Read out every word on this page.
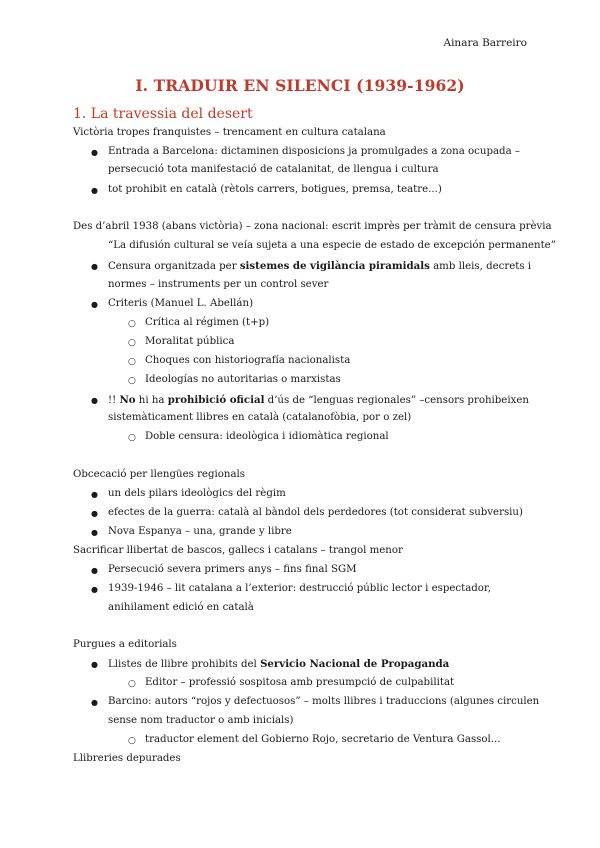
Ainara Barreiro
I. TRADUIR EN SILENCI (1939-1962)
1. La travessia del desert
Victòria tropes franquistes – trencament en cultura catalana
● Entrada a Barcelona: dictaminen disposicions ja promulgades a zona ocupada –
persecució tota manifestació de catalanitat, de llengua i cultura
● tot prohibit en català (rètols carrers, botigues, premsa, teatre...)
Des d’abril 1938 (abans victòria) – zona nacional: escrit imprès per tràmit de censura prèvia
“La difusión cultural se veía sujeta a una especie de estado de excepción permanente”
● Censura organitzada per sistemes de vigilància piramidals amb lleis, decrets i
normes – instruments per un control sever
● Criteris (Manuel L. Abellán)
○ Crítica al régimen (t+p)
○ Moralitat pública
○ Choques con historiografía nacionalista
○ Ideologías no autoritarias o marxistas
● !! No hi ha prohibició oficial d’ús de “lenguas regionales” –censors prohibeixen
sistemàticament llibres en català (catalanofòbia, por o zel)
○ Doble censura: ideològica i idiomàtica regional
Obcecació per llengües regionals
● un dels pilars ideològics del règim
● efectes de la guerra: català al bàndol dels perdedores (tot considerat subversiu)
● Nova Espanya – una, grande y libre
Sacrificar llibertat de bascos, gallecs i catalans – trangol menor
● Persecució severa primers anys – fins final SGM
● 1939-1946 – lit catalana a l’exterior: destrucció públic lector i espectador,
anihilament edició en català
Purgues a editorials
● Llistes de llibre prohibits del Servicio Nacional de Propaganda
○ Editor – professió sospitosa amb presumpció de culpabilitat
● Barcino: autors “rojos y defectuosos” – molts llibres i traduccions (algunes circulen
sense nom traductor o amb inicials)
○ traductor element del Gobierno Rojo, secretario de Ventura Gassol...
Llibreries depurades
